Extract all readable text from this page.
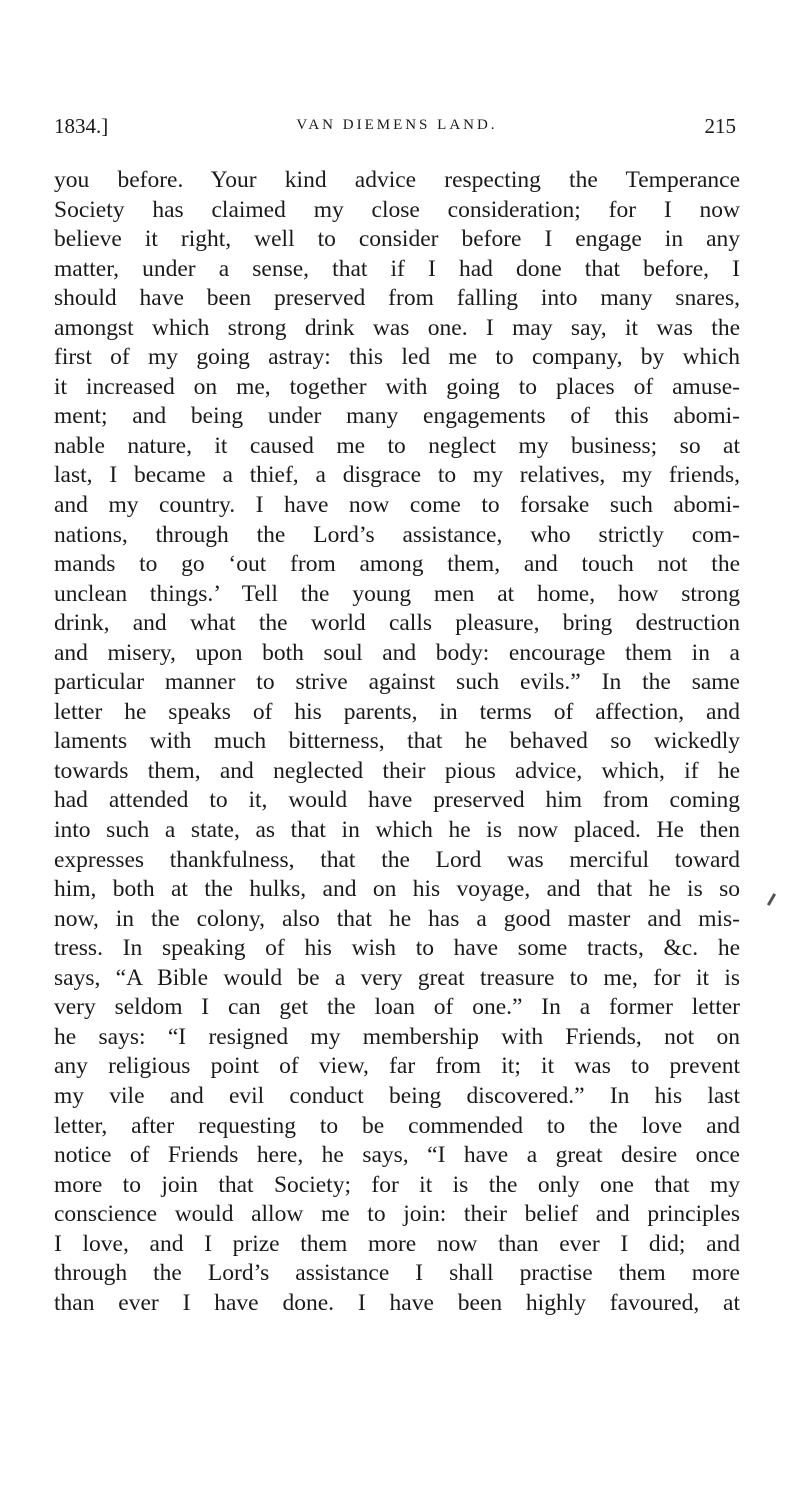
1834.]	VAN DIEMENS LAND.	215
you before. Your kind advice respecting the Temperance
Society has claimed my close consideration; for I now
believe it right, well to consider before I engage in any
matter, under a sense, that if I had done that before, I
should have been preserved from falling into many snares,
amongst which strong drink was one. I may say, it was the
first of my going astray: this led me to company, by which
it increased on me, together with going to places of amuse-
ment; and being under many engagements of this abomi-
nable nature, it caused me to neglect my business; so at
last, I became a thief, a disgrace to my relatives, my friends,
and my country. I have now come to forsake such abomi-
nations, through the Lord’s assistance, who strictly com-
mands to go ‘out from among them, and touch not the
unclean things.’ Tell the young men at home, how strong
drink, and what the world calls pleasure, bring destruction
and misery, upon both soul and body: encourage them in a
particular manner to strive against such evils.” In the same
letter he speaks of his parents, in terms of affection, and
laments with much bitterness, that he behaved so wickedly
towards them, and neglected their pious advice, which, if he
had attended to it, would have preserved him from coming
into such a state, as that in which he is now placed. He then
expresses thankfulness, that the Lord was merciful toward
him, both at the hulks, and on his voyage, and that he is so
now, in the colony, also that he has a good master and mis-
tress. In speaking of his wish to have some tracts, &c. he
says, “A Bible would be a very great treasure to me, for it is
very seldom I can get the loan of one.” In a former letter
he says: “I resigned my membership with Friends, not on
any religious point of view, far from it; it was to prevent
my vile and evil conduct being discovered.” In his last
letter, after requesting to be commended to the love and
notice of Friends here, he says, “I have a great desire once
more to join that Society; for it is the only one that my
conscience would allow me to join: their belief and principles
I love, and I prize them more now than ever I did; and
through the Lord’s assistance I shall practise them more
than ever I have done. I have been highly favoured, at
